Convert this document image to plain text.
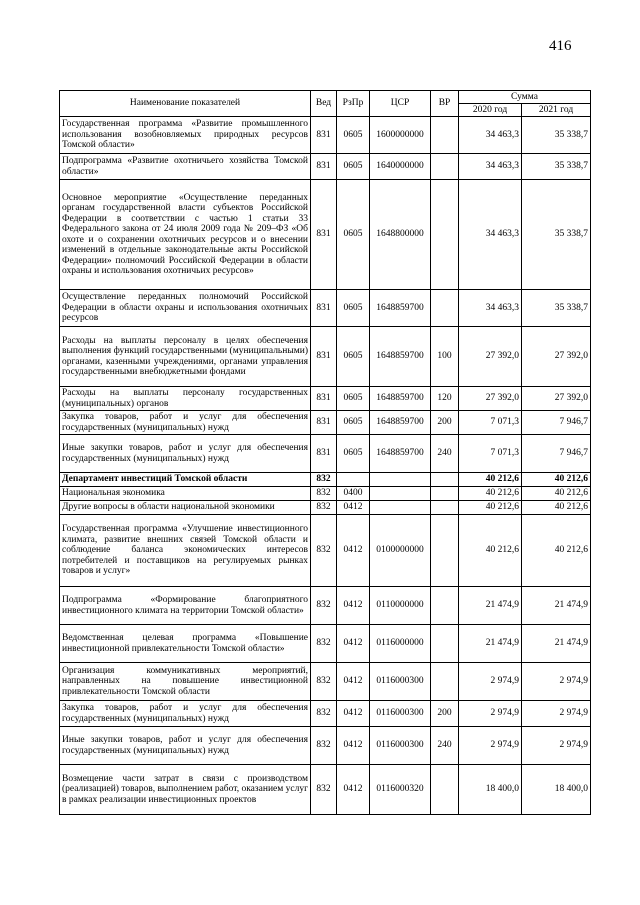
416
Наименование показателей	Вед	РзПр	ЦСР	ВР	Сумма	
					2020 год	2021 год
Государственная программа «Развитие промышленного использования возобновляемых природных ресурсов Томской области»	831	0605	1600000000		34 463,3	35 338,7
Подпрограмма «Развитие охотничьего хозяйства Томской области»	831	0605	1640000000		34 463,3	35 338,7
Основное мероприятие «Осуществление переданных органам государственной власти субъектов Российской Федерации в соответствии с частью 1 статьи 33 Федерального закона от 24 июля 2009 года № 209–ФЗ «Об охоте и о сохранении охотничьих ресурсов и о внесении изменений в отдельные законодательные акты Российской Федерации» полномочий Российской Федерации в области охраны и использования охотничьих ресурсов»	831	0605	1648800000		34 463,3	35 338,7
Осуществление переданных полномочий Российской Федерации в области охраны и использования охотничьих ресурсов	831	0605	1648859700		34 463,3	35 338,7
Расходы на выплаты персоналу в целях обеспечения выполнения функций государственными (муниципальными) органами, казенными учреждениями, органами управления государственными внебюджетными фондами	831	0605	1648859700	100	27 392,0	27 392,0
Расходы на выплаты персоналу государственных (муниципальных) органов	831	0605	1648859700	120	27 392,0	27 392,0
Закупка товаров, работ и услуг для обеспечения государственных (муниципальных) нужд	831	0605	1648859700	200	7 071,3	7 946,7
Иные закупки товаров, работ и услуг для обеспечения государственных (муниципальных) нужд	831	0605	1648859700	240	7 071,3	7 946,7
Департамент инвестиций Томской области	832				40 212,6	40 212,6
Национальная экономика	832	0400			40 212,6	40 212,6
Другие вопросы в области национальной экономики	832	0412			40 212,6	40 212,6
Государственная программа «Улучшение инвестиционного климата, развитие внешних связей Томской области и соблюдение баланса экономических интересов потребителей и поставщиков на регулируемых рынках товаров и услуг»	832	0412	0100000000		40 212,6	40 212,6
Подпрограмма «Формирование благоприятного инвестиционного климата на территории Томской области»	832	0412	0110000000		21 474,9	21 474,9
Ведомственная целевая программа «Повышение инвестиционной привлекательности Томской области»	832	0412	0116000000		21 474,9	21 474,9
Организация коммуникативных мероприятий, направленных на повышение инвестиционной привлекательности Томской области	832	0412	0116000300		2 974,9	2 974,9
Закупка товаров, работ и услуг для обеспечения государственных (муниципальных) нужд	832	0412	0116000300	200	2 974,9	2 974,9
Иные закупки товаров, работ и услуг для обеспечения государственных (муниципальных) нужд	832	0412	0116000300	240	2 974,9	2 974,9
Возмещение части затрат в связи с производством (реализацией) товаров, выполнением работ, оказанием услуг в рамках реализации инвестиционных проектов	832	0412	0116000320		18 400,0	18 400,0
